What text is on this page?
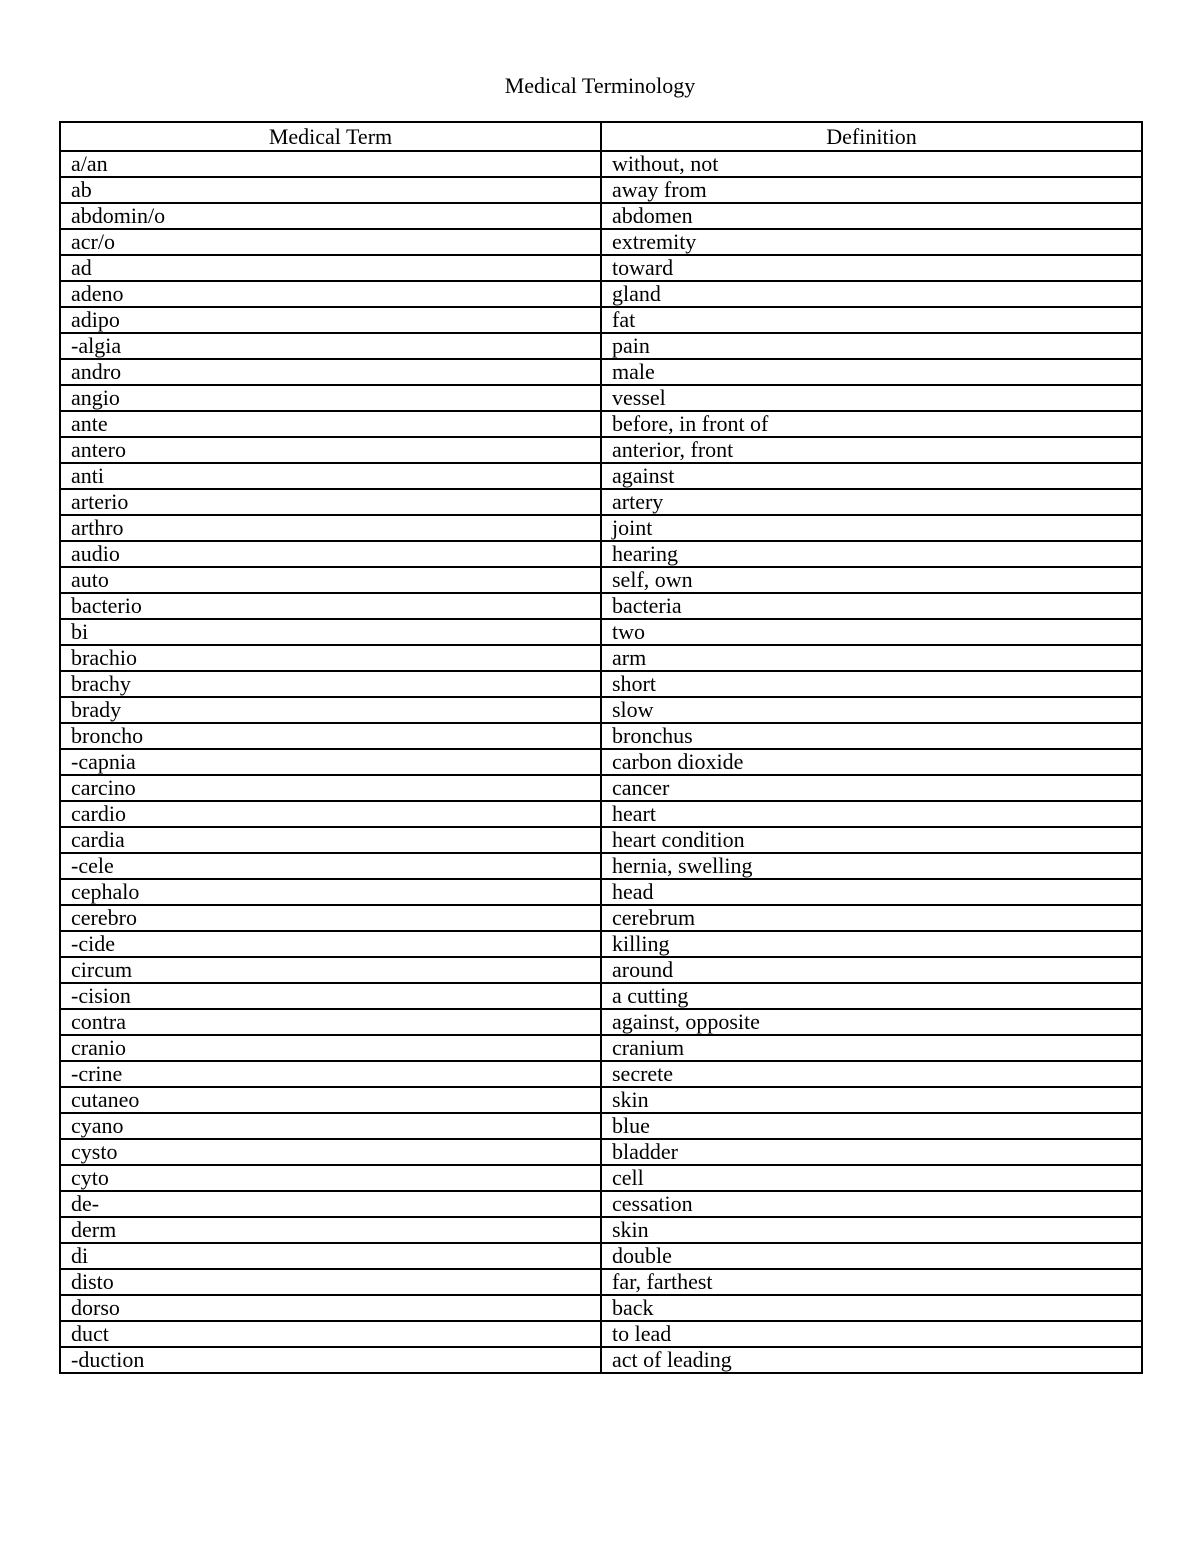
Medical Terminology
Medical Term	Definition
a/an	without, not
ab	away from
abdomin/o	abdomen
acr/o	extremity
ad	toward
adeno	gland
adipo	fat
-algia	pain
andro	male
angio	vessel
ante	before, in front of
antero	anterior, front
anti	against
arterio	artery
arthro	joint
audio	hearing
auto	self, own
bacterio	bacteria
bi	two
brachio	arm
brachy	short
brady	slow
broncho	bronchus
-capnia	carbon dioxide
carcino	cancer
cardio	heart
cardia	heart condition
-cele	hernia, swelling
cephalo	head
cerebro	cerebrum
-cide	killing
circum	around
-cision	a cutting
contra	against, opposite
cranio	cranium
-crine	secrete
cutaneo	skin
cyano	blue
cysto	bladder
cyto	cell
de-	cessation
derm	skin
di	double
disto	far, farthest
dorso	back
duct	to lead
-duction	act of leading
